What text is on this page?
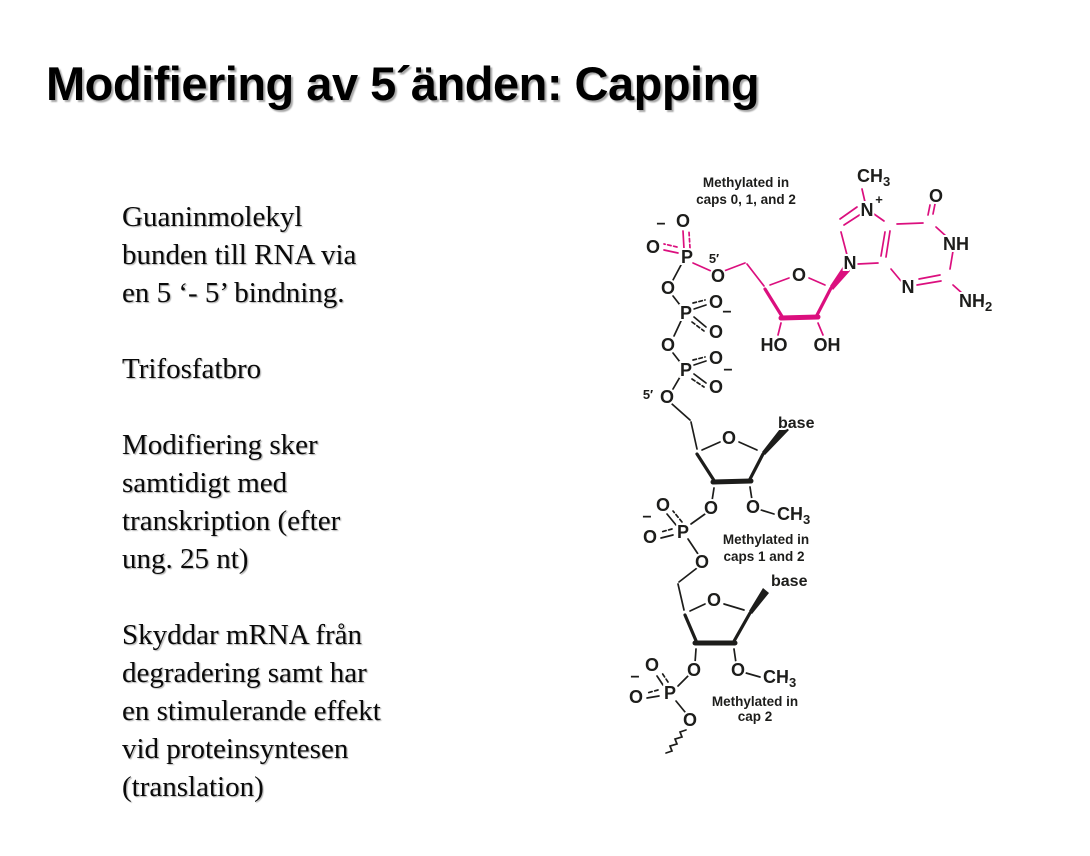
Modifiering av 5´änden: Capping

Guaninmolekyl
bunden till RNA via
en 5 ‘- 5’ bindning.

Trifosfatbro

Modifiering sker
samtidigt med
transkription (efter
ung. 25 nt)

Skyddar mRNA från
degradering samt har
en stimulerande effekt
vid proteinsyntesen
(translation)

$CH_3$
N
+
N
O
NH
N
$NH_2$
O
HO OH
− O
O P 5′
O
O
P
O
−
O
O
P
O
−
O
5′ O
O
base
O O $CH_3$
O
−
O P
O
O
base
O O $CH_3$
O
−
O P
O
Methylated in
caps 0, 1, and 2
Methylated in
caps 1 and 2
Methylated in
cap 2
